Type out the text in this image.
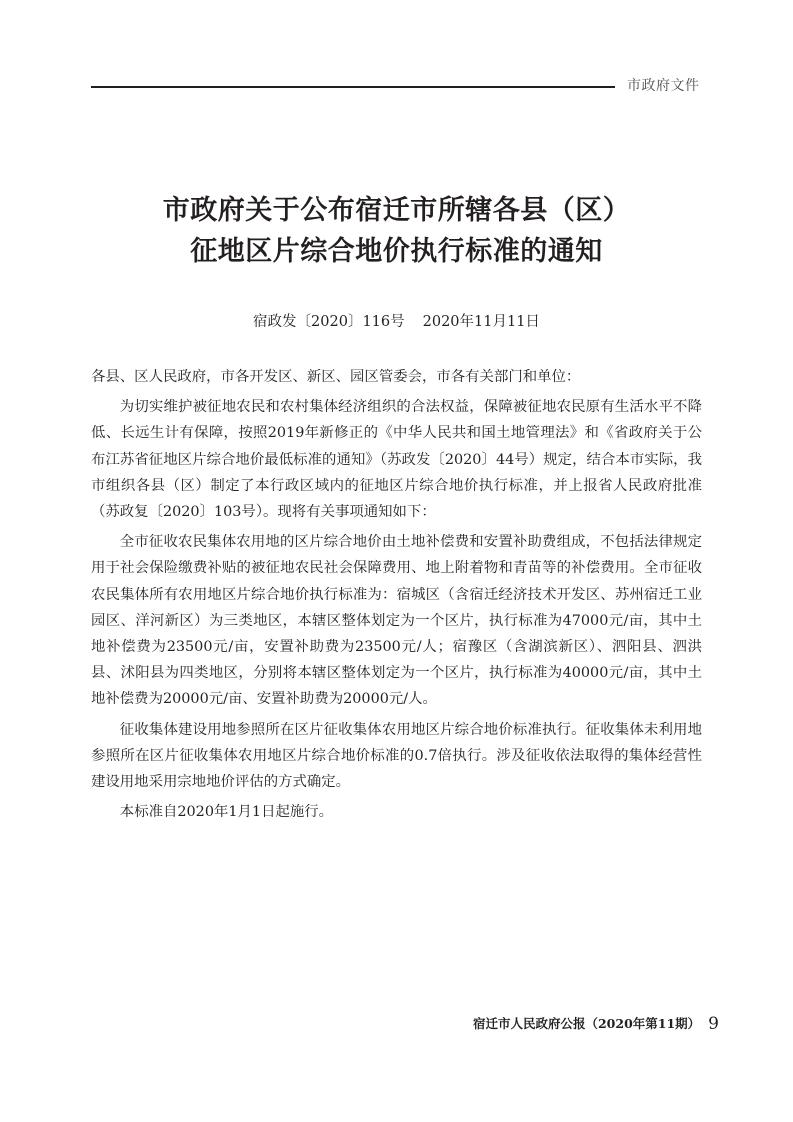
市政府文件
市政府关于公布宿迁市所辖各县（区）
征地区片综合地价执行标准的通知
宿政发〔2020〕116号 2020年11月11日

各县、区人民政府，市各开发区、新区、园区管委会，市各有关部门和单位：

为切实维护被征地农民和农村集体经济组织的合法权益，保障被征地农民原有生活水平不降低、长远生计有保障，按照2019年新修正的《中华人民共和国土地管理法》和《省政府关于公布江苏省征地区片综合地价最低标准的通知》（苏政发〔2020〕44号）规定，结合本市实际，我市组织各县（区）制定了本行政区域内的征地区片综合地价执行标准，并上报省人民政府批准（苏政复〔2020〕103号）。现将有关事项通知如下：

全市征收农民集体农用地的区片综合地价由土地补偿费和安置补助费组成，不包括法律规定用于社会保险缴费补贴的被征地农民社会保障费用、地上附着物和青苗等的补偿费用。全市征收农民集体所有农用地区片综合地价执行标准为：宿城区（含宿迁经济技术开发区、苏州宿迁工业园区、洋河新区）为三类地区，本辖区整体划定为一个区片，执行标准为47000元/亩，其中土地补偿费为23500元/亩，安置补助费为23500元/人；宿豫区（含湖滨新区）、泗阳县、泗洪县、沭阳县为四类地区，分别将本辖区整体划定为一个区片，执行标准为40000元/亩，其中土地补偿费为20000元/亩、安置补助费为20000元/人。

征收集体建设用地参照所在区片征收集体农用地区片综合地价标准执行。征收集体未利用地参照所在区片征收集体农用地区片综合地价标准的0.7倍执行。涉及征收依法取得的集体经营性建设用地采用宗地地价评估的方式确定。

本标准自2020年1月1日起施行。

宿迁市人民政府公报（2020年第11期） 9
